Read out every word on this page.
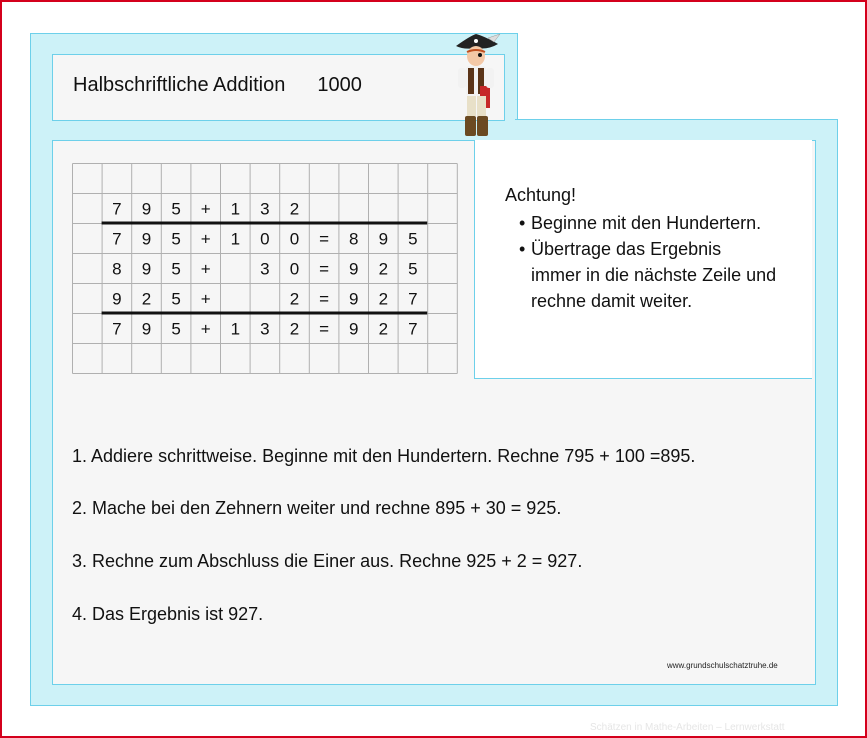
Halbschriftliche Addition 1000
7 9 5 + 1 3 2
7 9 5 + 1 0 0 = 8 9 5
8 9 5 +	3 0 = 9 2 5
9 2 5 +	2 = 9 2 7
7 9 5 + 1 3 2 = 9 2 7
Achtung!
• Beginne mit den Hundertern.
• Übertrage das Ergebnis
immer in die nächste Zeile und
rechne damit weiter.
1. Addiere schrittweise. Beginne mit den Hundertern. Rechne 795 + 100 =895.
2. Mache bei den Zehnern weiter und rechne 895 + 30 = 925.
3. Rechne zum Abschluss die Einer aus. Rechne 925 + 2 = 927.
4. Das Ergebnis ist 927.
www.grundschulschatztruhe.de
Schätzen in Mathe-Arbeiten – Lernwerkstatt
